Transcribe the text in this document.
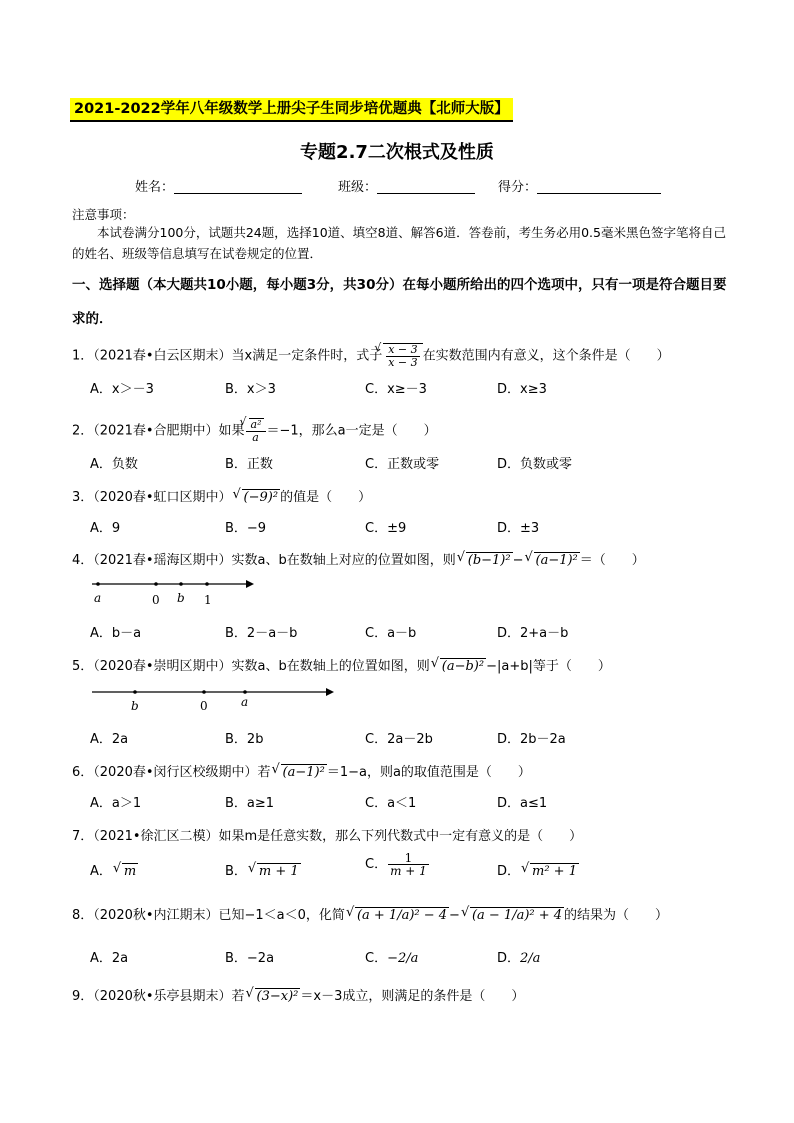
2021-2022学年八年级数学上册尖子生同步培优题典【北师大版】
专题2.7二次根式及性质
姓名：	班级：	得分：
注意事项：
本试卷满分100分，试题共24题，选择10道、填空8道、解答6道．答卷前，考生务必用0.5毫米黑色签字笔将自己的姓名、班级等信息填写在试卷规定的位置．
一、选择题（本大题共10小题，每小题3分，共30分）在每小题所给出的四个选项中，只有一项是符合题目要求的．
1．（2021春•白云区期末）当x满足一定条件时，式子 √ $\frac{x - 3}{x - 3}$ 在实数范围内有意义，这个条件是（　　）
A．x＞－3	B．x＞3	C．x≥－3	D．x≥3
2．（2021春•合肥期中）如果 √ $\frac{\text{a²}}{a} =-1$，那么a一定是（　　）
A．负数	B．正数	C．正数或零	D．负数或零
3．（2020春•虹口区期中） √ (−9)² 的值是（　　）
A．9	B．−9	C．±9	D．±3
4．（2021春•瑶海区期中）实数a、b在数轴上对应的位置如图，则 √ (b−1)² − √ (a−1)² ＝（　　）
a	0 b 1
A．b－a	B．2－a－b	C．a－b	D．2+a－b
5．（2020春•崇明区期中）实数a、b在数轴上的位置如图，则 √ (a−b)² −|a+b|等于（　　）
b	0	a
A．2a	B．2b	C．2a－2b	D．2b－2a
6．（2020春•闵行区校级期中）若 √ (a−1)² ＝1−a，则a的取值范围是（　　）
A．a＞1	B．a≥1	C．a＜1	D．a≤1
7．（2021•徐汇区二模）如果m是任意实数，那么下列代数式中一定有意义的是（　　）
A． √ m	B． √ m + 1	C． $\frac{1}{m + 1}$	D． √ m² + 1
8．（2020秋•内江期末）已知−1＜a＜0，化简 √ (a + 1/a)² − 4 − √ (a − 1/a)² + 4 的结果为（　　）
A．2a	B．−2a	C．−2/a	D．2/a
9．（2020秋•乐亭县期末）若 √ (3−x)² ＝x－3成立，则满足的条件是（　　）
